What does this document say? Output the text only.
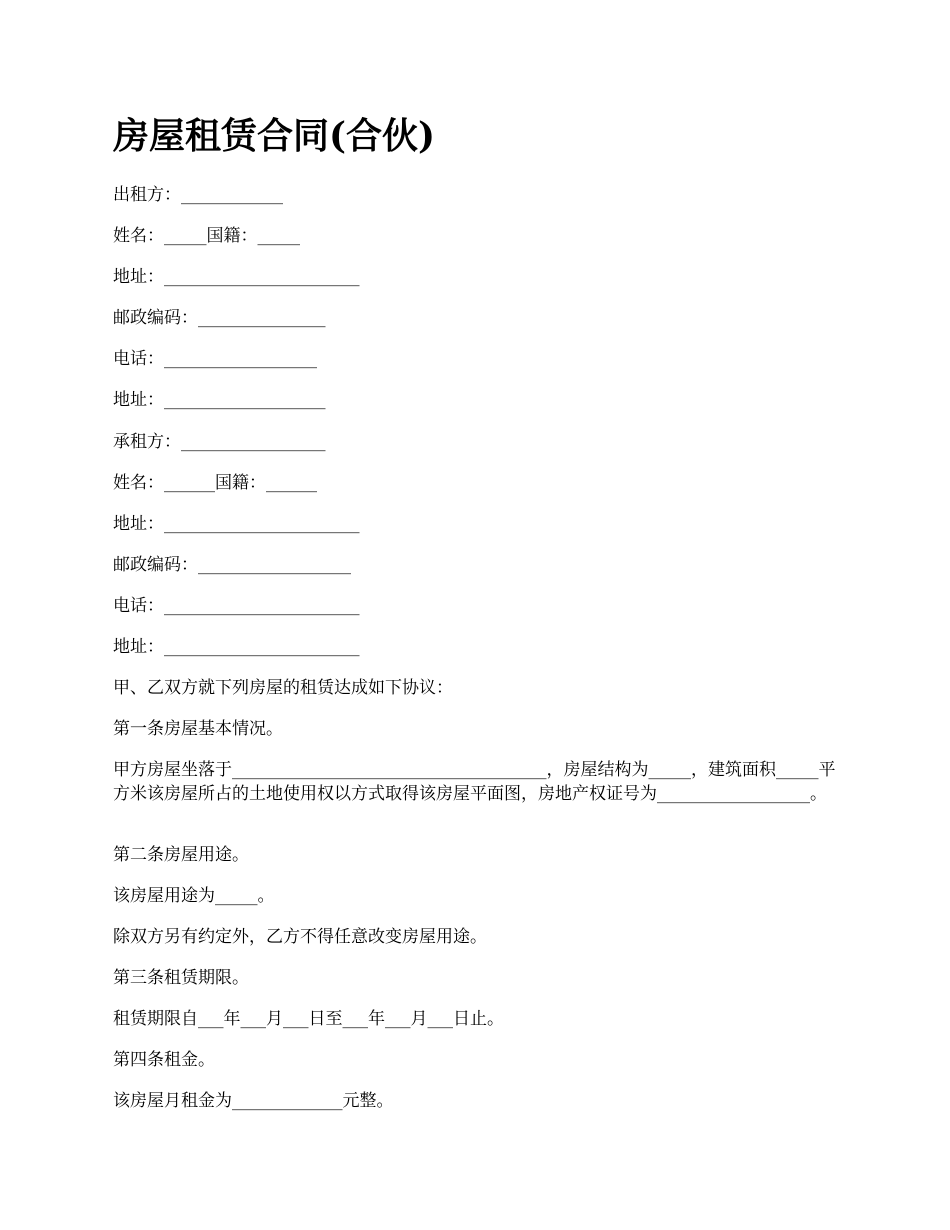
房屋租赁合同(合伙)
出租方：____________
姓名：_____国籍：_____
地址：_______________________
邮政编码：_______________
电话：__________________
地址：___________________
承租方：_________________
姓名：______国籍：______
地址：_______________________
邮政编码：__________________
电话：_______________________
地址：_______________________
甲、乙双方就下列房屋的租赁达成如下协议：
第一条房屋基本情况。
甲方房屋坐落于_____________________________________，房屋结构为_____，建筑面积_____平方米该房屋所占的土地使用权以方式取得该房屋平面图，房地产权证号为__________________。
第二条房屋用途。
该房屋用途为_____。
除双方另有约定外，乙方不得任意改变房屋用途。
第三条租赁期限。
租赁期限自___年___月___日至___年___月___日止。
第四条租金。
该房屋月租金为_____________元整。
